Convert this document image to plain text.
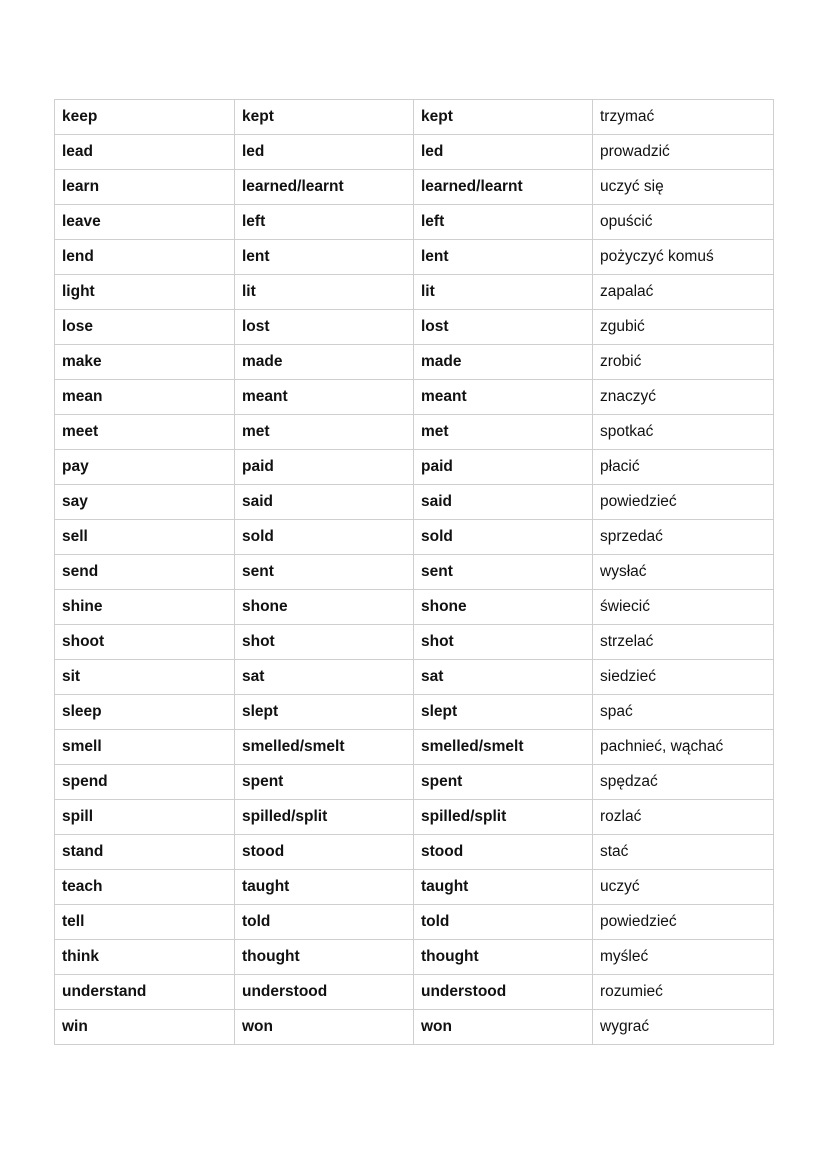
keep	kept	kept	trzymać
lead	led	led	prowadzić
learn	learned/learnt	learned/learnt	uczyć się
leave	left	left	opuścić
lend	lent	lent	pożyczyć komuś
light	lit	lit	zapalać
lose	lost	lost	zgubić
make	made	made	zrobić
mean	meant	meant	znaczyć
meet	met	met	spotkać
pay	paid	paid	płacić
say	said	said	powiedzieć
sell	sold	sold	sprzedać
send	sent	sent	wysłać
shine	shone	shone	świecić
shoot	shot	shot	strzelać
sit	sat	sat	siedzieć
sleep	slept	slept	spać
smell	smelled/smelt	smelled/smelt	pachnieć, wąchać
spend	spent	spent	spędzać
spill	spilled/split	spilled/split	rozlać
stand	stood	stood	stać
teach	taught	taught	uczyć
tell	told	told	powiedzieć
think	thought	thought	myśleć
understand	understood	understood	rozumieć
win	won	won	wygrać
